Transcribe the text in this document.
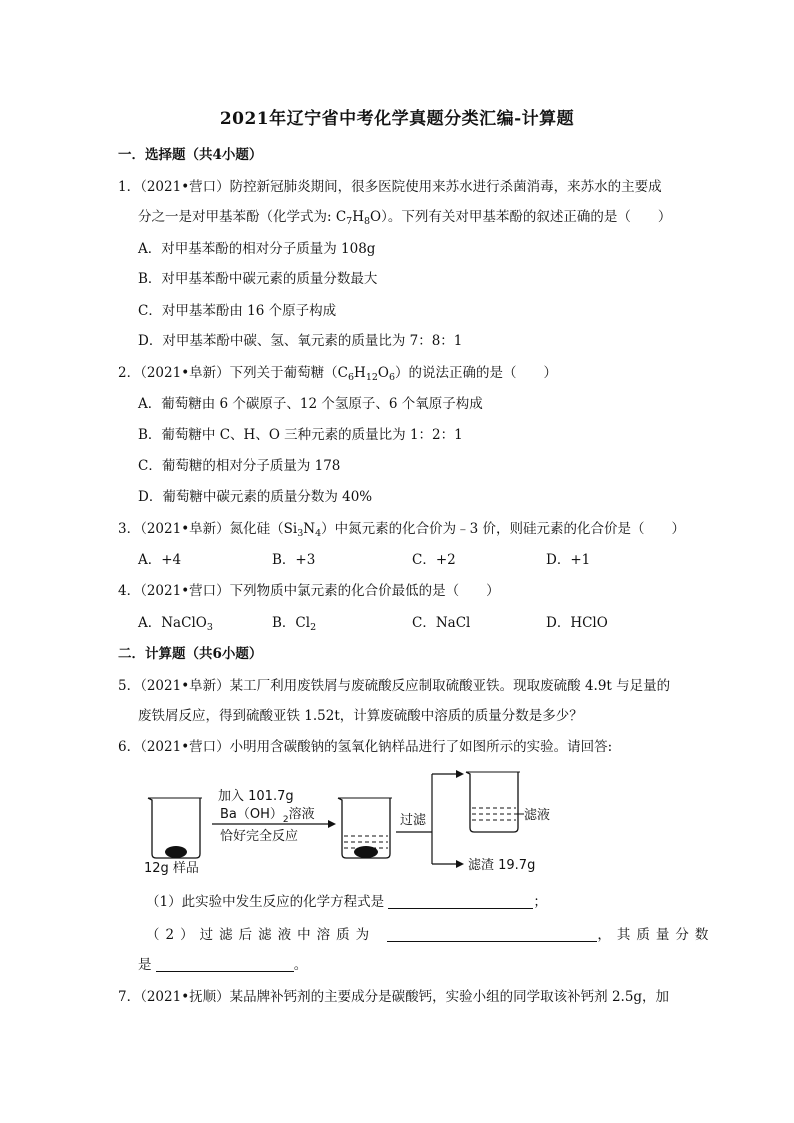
2021年辽宁省中考化学真题分类汇编-计算题
一．选择题（共4小题）
1．（2021•营口）防控新冠肺炎期间，很多医院使用来苏水进行杀菌消毒，来苏水的主要成
分之一是对甲基苯酚（化学式为: $C_7H_8O$）。下列有关对甲基苯酚的叙述正确的是（　　）
A．对甲基苯酚的相对分子质量为 108g
B．对甲基苯酚中碳元素的质量分数最大
C．对甲基苯酚由 16 个原子构成
D．对甲基苯酚中碳、氢、氧元素的质量比为 7：8：1
2．（2021•阜新）下列关于葡萄糖$(C_6H_{12}O_6)$的说法正确的是（　　）
A．葡萄糖由 6 个碳原子、12 个氢原子、6 个氧原子构成
B．葡萄糖中 C、H、O 三种元素的质量比为 1：2：1
C．葡萄糖的相对分子质量为 178
D．葡萄糖中碳元素的质量分数为 40%
3．（2021•阜新）氮化硅$(Si_3N_4)$中氮元素的化合价为﹣3 价，则硅元素的化合价是（　　）
A．+4	B．+3	C．+2	D．+1
4．（2021•营口）下列物质中氯元素的化合价最低的是（　　）
A．NaClO$_3$	B．$Cl_2$	C．NaCl	D．HClO
二．计算题（共6小题）
5．（2021•阜新）某工厂利用废铁屑与废硫酸反应制取硫酸亚铁。现取废硫酸 4.9t 与足量的
废铁屑反应，得到硫酸亚铁 1.52t，计算废硫酸中溶质的质量分数是多少？
6．（2021•营口）小明用含碳酸钠的氢氧化钠样品进行了如图所示的实验。请回答:
12g 样品
加入 101.7g
$Ba(OH)_2$溶液
恰好完全反应
过滤	滤液
滤渣 19.7g
（1）此实验中发生反应的化学方程式是	；
（2）过滤后滤液中溶质为	，其质量分数
是	。
7．（2021•抚顺）某品牌补钙剂的主要成分是碳酸钙，实验小组的同学取该补钙剂 2.5g，加
